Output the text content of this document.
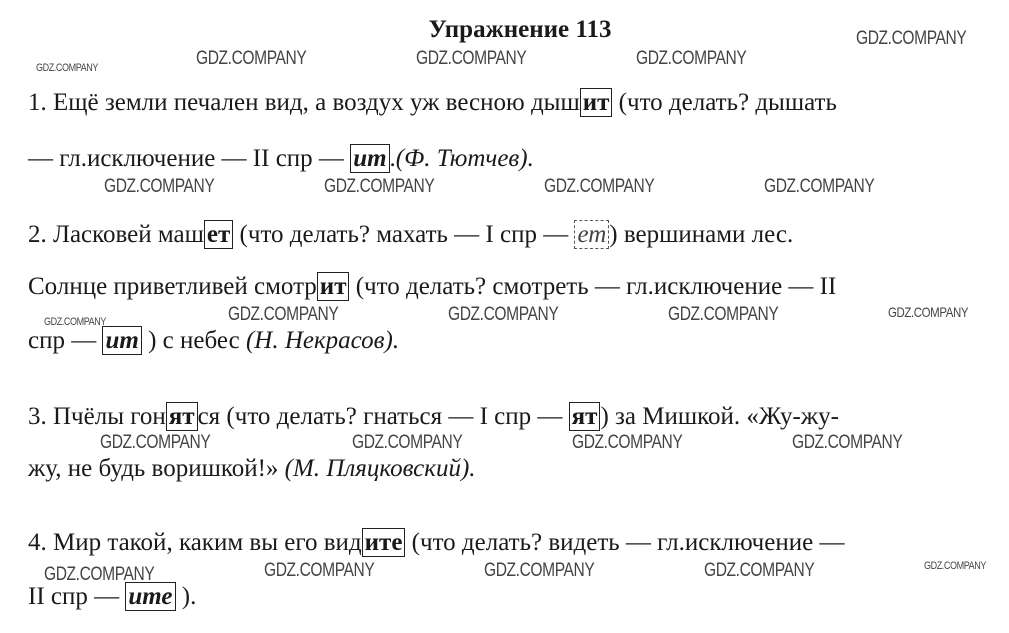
Упражнение 113	GDZ.COMPANY
GDZ.COMPANY	GDZ.COMPANY	GDZ.COMPANY	GDZ.COMPANY
GDZ.COMPANY	GDZ.COMPANY	GDZ.COMPANY	GDZ.COMPANY
GDZ.COMPANY	GDZ.COMPANY	GDZ.COMPANY	GDZ.COMPANY	GDZ.COMPANY
GDZ.COMPANY	GDZ.COMPANY	GDZ.COMPANY	GDZ.COMPANY
GDZ.COMPANY	GDZ.COMPANY	GDZ.COMPANY	GDZ.COMPANY	GDZ.COMPANY
1. Ещё земли печален вид, а воздух уж весною дыш ит (что делать? дышать
— гл.исключение — II спр — ит .(Ф. Тютчев).
2. Ласковей маш ет (что делать? махать — I спр — ет ) вершинами лес.
Солнце приветливей смотр ит (что делать? смотреть — гл.исключение — II
спр — ит ) с небес (Н. Некрасов).
3. Пчёлы гон ят ся (что делать? гнаться — I спр — ят ) за Мишкой. «Жу-жу-
жу, не будь воришкой!» (М. Пляцковский).
4. Мир такой, каким вы его вид ите (что делать? видеть — гл.исключение —
II спр — ите ).
